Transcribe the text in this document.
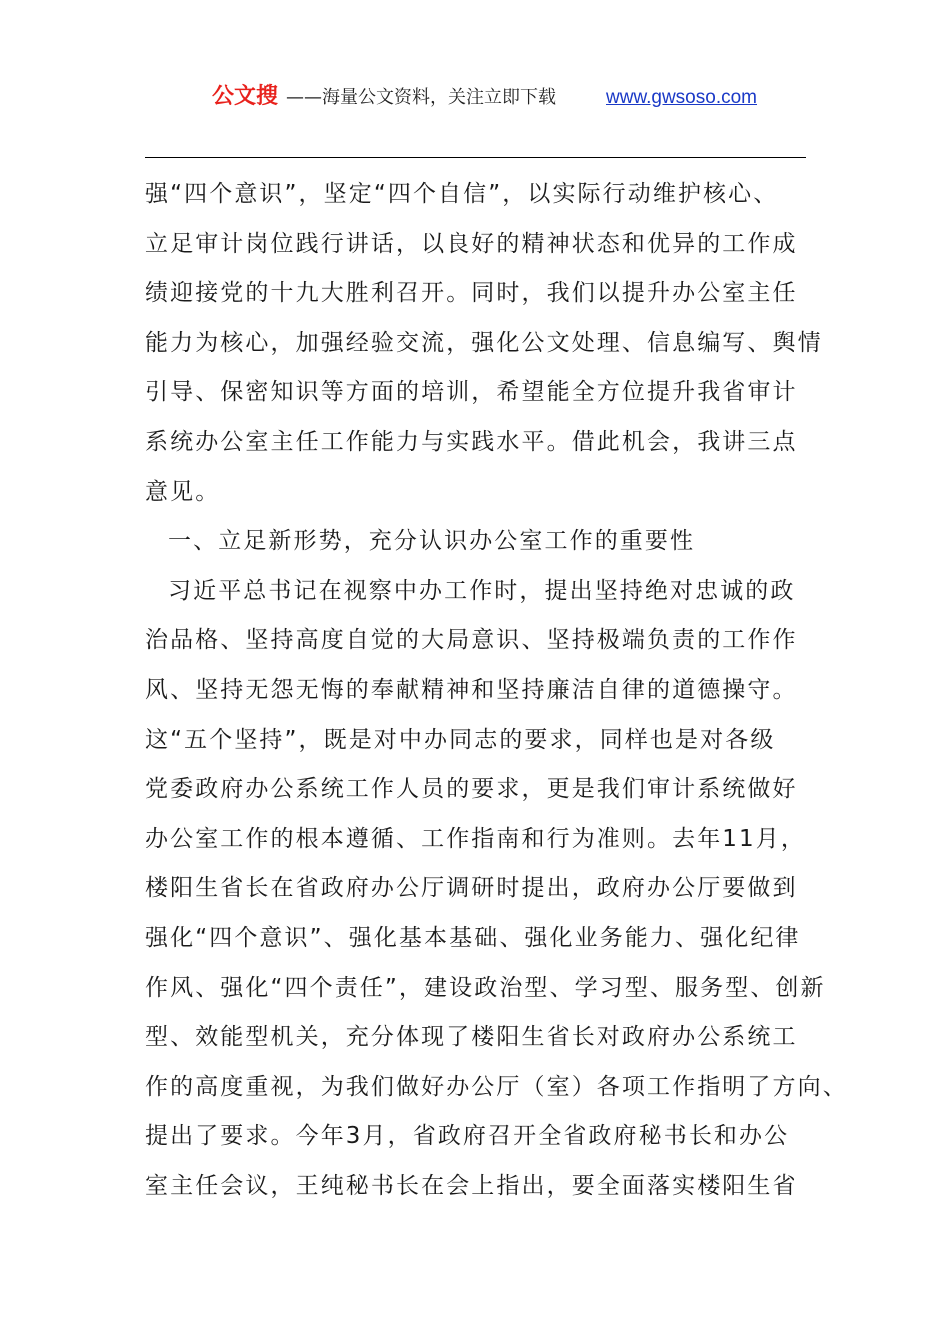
公文搜 ——海量公文资料，关注立即下载	www.gwsoso.com
强“四个意识”，坚定“四个自信”，以实际行动维护核心、
立足审计岗位践行讲话，以良好的精神状态和优异的工作成
绩迎接党的十九大胜利召开。同时，我们以提升办公室主任
能力为核心，加强经验交流，强化公文处理、信息编写、舆情
引导、保密知识等方面的培训，希望能全方位提升我省审计
系统办公室主任工作能力与实践水平。借此机会，我讲三点
意见。
一、立足新形势，充分认识办公室工作的重要性
习近平总书记在视察中办工作时，提出坚持绝对忠诚的政
治品格、坚持高度自觉的大局意识、坚持极端负责的工作作
风、坚持无怨无悔的奉献精神和坚持廉洁自律的道德操守。
这“五个坚持”，既是对中办同志的要求，同样也是对各级
党委政府办公系统工作人员的要求，更是我们审计系统做好
办公室工作的根本遵循、工作指南和行为准则。去年11月，
楼阳生省长在省政府办公厅调研时提出，政府办公厅要做到
强化“四个意识”、强化基本基础、强化业务能力、强化纪律
作风、强化“四个责任”，建设政治型、学习型、服务型、创新
型、效能型机关，充分体现了楼阳生省长对政府办公系统工
作的高度重视，为我们做好办公厅（室）各项工作指明了方向、
提出了要求。今年3月，省政府召开全省政府秘书长和办公
室主任会议，王纯秘书长在会上指出，要全面落实楼阳生省
